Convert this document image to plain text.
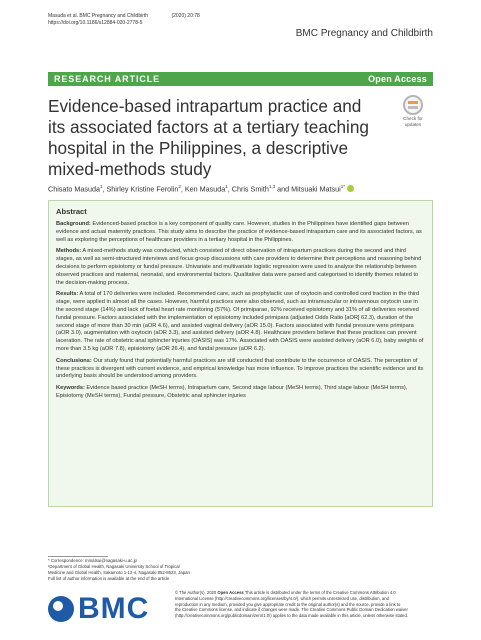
Masuda et al. BMC Pregnancy and Childbirth	(2020) 20:78
https://doi.org/10.1186/s12884-020-2778-5
BMC Pregnancy and Childbirth
RESEARCH ARTICLE	Open Access
Evidence-based intrapartum practice and its associated factors at a tertiary teaching hospital in the Philippines, a descriptive mixed-methods study
Check for
updates
Chisato Masuda$^1$, Shirley Kristine Ferolin$^2$, Ken Masuda$^1$, Chris Smith$^{1,3}$ and Mitsuaki Matsui$^{1*}$
Abstract

Background: Evidenced-based practice is a key component of quality care. However, studies in the Philippines have identified gaps between evidence and actual maternity practices. This study aims to describe the practice of evidence-based intrapartum care and its associated factors, as well as exploring the perceptions of healthcare providers in a tertiary hospital in the Philippines.

Methods: A mixed-methods study was conducted, which consisted of direct observation of intrapartum practices during the second and third stages, as well as semi-structured interviews and focus group discussions with care providers to determine their perceptions and reasoning behind decisions to perform episiotomy or fundal pressure. Univariate and multivariate logistic regression were used to analyse the relationship between observed practices and maternal, neonatal, and environmental factors. Qualitative data were parsed and categorised to identify themes related to the decision-making process.

Results: A total of 170 deliveries were included. Recommended care, such as prophylactic use of oxytocin and controlled cord traction in the third stage, were applied in almost all the cases. However, harmful practices were also observed, such as intramuscular or intravenous oxytocin use in the second stage (14%) and lack of foetal heart rate monitoring (57%). Of primiparae, 92% received episiotomy and 31% of all deliveries received fundal pressure. Factors associated with the implementation of episiotomy included primipara (adjusted Odds Ratio [aOR] 62.3), duration of the second stage of more than 30 min (aOR 4.6), and assisted vaginal delivery (aOR 15.0). Factors associated with fundal pressure were primipara (aOR 3.0), augmentation with oxytocin (aOR 3.3), and assisted delivery (aOR 4.8). Healthcare providers believe that these practices can prevent laceration. The rate of obstetric anal sphincter injuries (OASIS) was 17%. Associated with OASIS were assisted delivery (aOR 6.0), baby weights of more than 3.5 kg (aOR 7.8), episiotomy (aOR 26.4), and fundal pressure (aOR 6.2).

Conclusions: Our study found that potentially harmful practices are still conducted that contribute to the occurrence of OASIS. The perception of these practices is divergent with current evidence, and empirical knowledge has more influence. To improve practices the scientific evidence and its underlying basis should be understood among providers.

Keywords: Evidence based practice (MeSH terms), Intrapartum care, Second stage labour (MeSH terms), Third stage labour (MeSH terms), Episiotomy (MeSH terms), Fundal pressure, Obstetric anal sphincter injuries

* Correspondence: mmatsui@nagasaki-u.ac.jp
¹Department of Global Health, Nagasaki University School of Tropical
Medicine and Global Health, Sakamoto 1-12-4, Nagasaki 852-8523, Japan
Full list of author information is available at the end of the article
BMC	© The Author(s). 2020 Open Access This article is distributed under the terms of the Creative Commons Attribution 4.0
International License (http://creativecommons.org/licenses/by/4.0/), which permits unrestricted use, distribution, and
reproduction in any medium, provided you give appropriate credit to the original author(s) and the source, provide a link to
the Creative Commons license, and indicate if changes were made. The Creative Commons Public Domain Dedication waiver
(http://creativecommons.org/publicdomain/zero/1.0/) applies to the data made available in this article, unless otherwise stated.
